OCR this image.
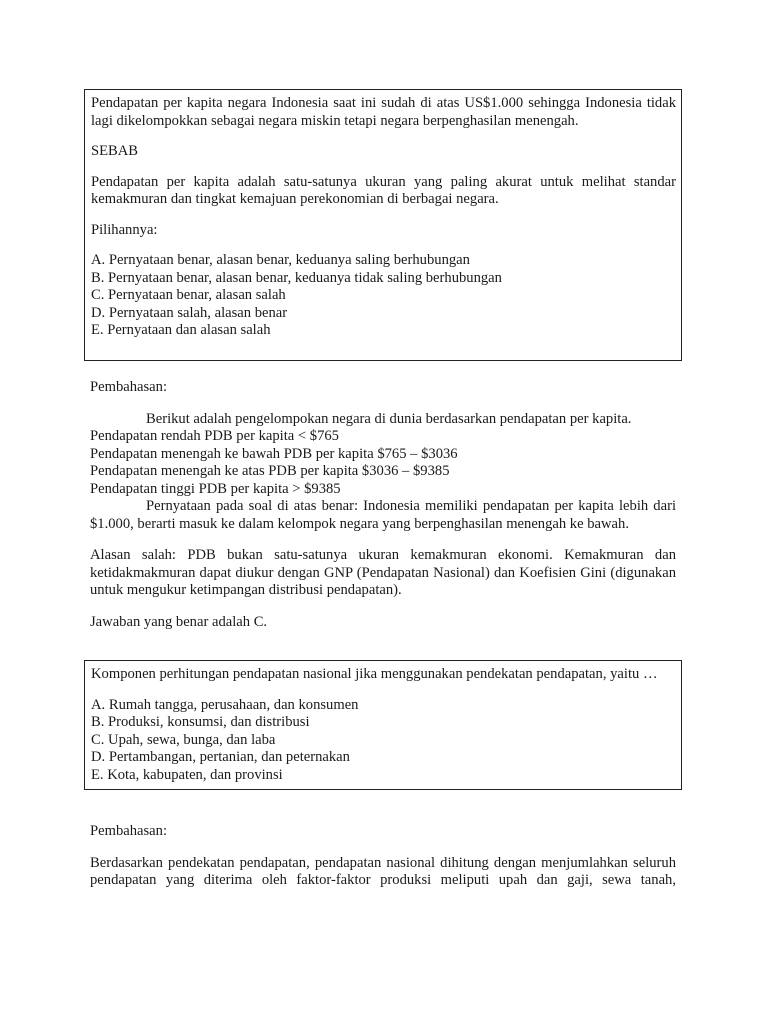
Pendapatan per kapita negara Indonesia saat ini sudah di atas US$1.000 sehingga Indonesia tidak lagi dikelompokkan sebagai negara miskin tetapi negara berpenghasilan menengah.

SEBAB

Pendapatan per kapita adalah satu-satunya ukuran yang paling akurat untuk melihat standar kemakmuran dan tingkat kemajuan perekonomian di berbagai negara.

Pilihannya:

A. Pernyataan benar, alasan benar, keduanya saling berhubungan

B. Pernyataan benar, alasan benar, keduanya tidak saling berhubungan

C. Pernyataan benar, alasan salah

D. Pernyataan salah, alasan benar

E. Pernyataan dan alasan salah

Pembahasan:

Berikut adalah pengelompokan negara di dunia berdasarkan pendapatan per kapita.

Pendapatan rendah PDB per kapita < $765

Pendapatan menengah ke bawah PDB per kapita $765 – $3036

Pendapatan menengah ke atas PDB per kapita $3036 – $9385

Pendapatan tinggi PDB per kapita > $9385

Pernyataan pada soal di atas benar: Indonesia memiliki pendapatan per kapita lebih dari $1.000, berarti masuk ke dalam kelompok negara yang berpenghasilan menengah ke bawah.

Alasan salah: PDB bukan satu-satunya ukuran kemakmuran ekonomi. Kemakmuran dan ketidakmakmuran dapat diukur dengan GNP (Pendapatan Nasional) dan Koefisien Gini (digunakan untuk mengukur ketimpangan distribusi pendapatan).

Jawaban yang benar adalah C.

Komponen perhitungan pendapatan nasional jika menggunakan pendekatan pendapatan, yaitu …

A. Rumah tangga, perusahaan, dan konsumen

B. Produksi, konsumsi, dan distribusi

C. Upah, sewa, bunga, dan laba

D. Pertambangan, pertanian, dan peternakan

E. Kota, kabupaten, dan provinsi

Pembahasan:

Berdasarkan pendekatan pendapatan, pendapatan nasional dihitung dengan menjumlahkan seluruh pendapatan yang diterima oleh faktor-faktor produksi meliputi upah dan gaji, sewa tanah,
